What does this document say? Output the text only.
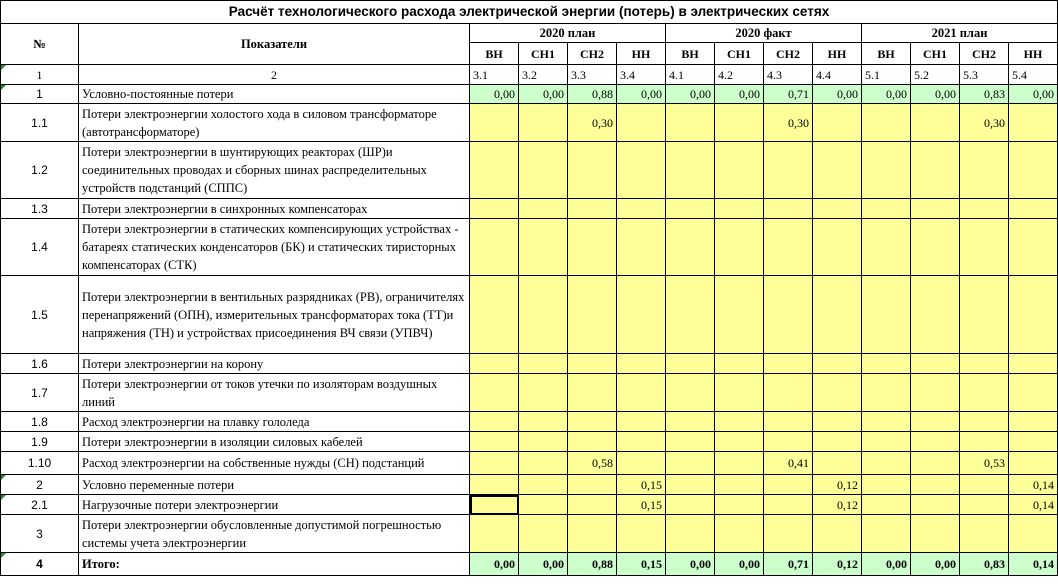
Расчёт технологического расхода электрической энергии (потерь) в электрических сетях													
№	Показатели	2020 план				2020 факт				2021 план			
		ВН	СН1	СН2	НН	ВН	СН1	СН2	НН	ВН	СН1	СН2	НН
1	2	3.1	3.2	3.3	3.4	4.1	4.2	4.3	4.4	5.1	5.2	5.3	5.4
1	Условно-постоянные потери	0,00	0,00	0,88	0,00	0,00	0,00	0,71	0,00	0,00	0,00	0,83	0,00
1.1	Потери электроэнергии холостого хода в силовом трансформаторе (автотрансформаторе)			0,30				0,30				0,30	
1.2	Потери электроэнергии в шунтирующих реакторах (ШР)и соединительных проводах и сборных шинах распределительных устройств подстанций (СППС)												
1.3	Потери электроэнергии в синхронных компенсаторах												
1.4	Потери электроэнергии в статических компенсирующих устройствах - батареях статических конденсаторов (БК) и статических тиристорных компенсаторах (СТК)												
1.5	Потери электроэнергии в вентильных разрядниках (РВ), ограничителях перенапряжений (ОПН), измерительных трансформаторах тока (ТТ)и напряжения (ТН) и устройствах присоединения ВЧ связи (УПВЧ)												
1.6	Потери электроэнергии на корону												
1.7	Потери электроэнергии от токов утечки по изоляторам воздушных линий												
1.8	Расход электроэнергии на плавку гололеда												
1.9	Потери электроэнергии в изоляции силовых кабелей												
1.10	Расход электроэнергии на собственные нужды (СН) подстанций			0,58				0,41				0,53	
2	Условно переменные потери				0,15				0,12				0,14
2.1	Нагрузочные потери электроэнергии				0,15				0,12				0,14
3	Потери электроэнергии обусловленные допустимой погрешностью системы учета электроэнергии												
4	Итого:	0,00	0,00	0,88	0,15	0,00	0,00	0,71	0,12	0,00	0,00	0,83	0,14
